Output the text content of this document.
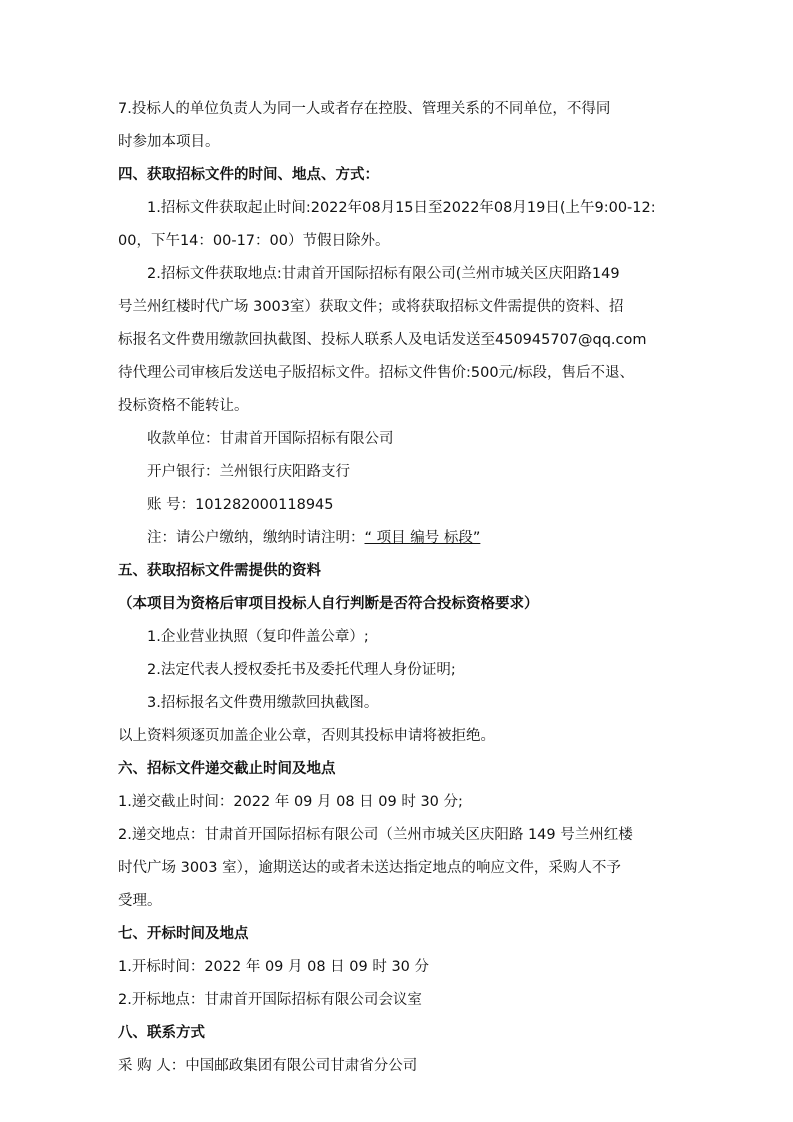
7.投标人的单位负责人为同一人或者存在控股、管理关系的不同单位，不得同
时参加本项目。
四、获取招标文件的时间、地点、方式：
1.招标文件获取起止时间:2022年08月15日至2022年08月19日(上午9:00-12:
00，下午14：00-17：00）节假日除外。
2.招标文件获取地点:甘肃首开国际招标有限公司(兰州市城关区庆阳路149
号兰州红楼时代广场 3003室）获取文件；或将获取招标文件需提供的资料、招
标报名文件费用缴款回执截图、投标人联系人及电话发送至450945707@qq.com
待代理公司审核后发送电子版招标文件。招标文件售价:500元/标段，售后不退、
投标资格不能转让。
收款单位：甘肃首开国际招标有限公司
开户银行：兰州银行庆阳路支行
账 号：101282000118945
注：请公户缴纳，缴纳时请注明：“ 项目 编号 标段”
五、获取招标文件需提供的资料
（本项目为资格后审项目投标人自行判断是否符合投标资格要求）
1.企业营业执照（复印件盖公章）;
2.法定代表人授权委托书及委托代理人身份证明;
3.招标报名文件费用缴款回执截图。
以上资料须逐页加盖企业公章，否则其投标申请将被拒绝。
六、招标文件递交截止时间及地点
1.递交截止时间：2022 年 09 月 08 日 09 时 30 分;
2.递交地点：甘肃首开国际招标有限公司（兰州市城关区庆阳路 149 号兰州红楼
时代广场 3003 室），逾期送达的或者未送达指定地点的响应文件，采购人不予
受理。
七、开标时间及地点
1.开标时间：2022 年 09 月 08 日 09 时 30 分
2.开标地点：甘肃首开国际招标有限公司会议室
八、联系方式
采 购 人：中国邮政集团有限公司甘肃省分公司
